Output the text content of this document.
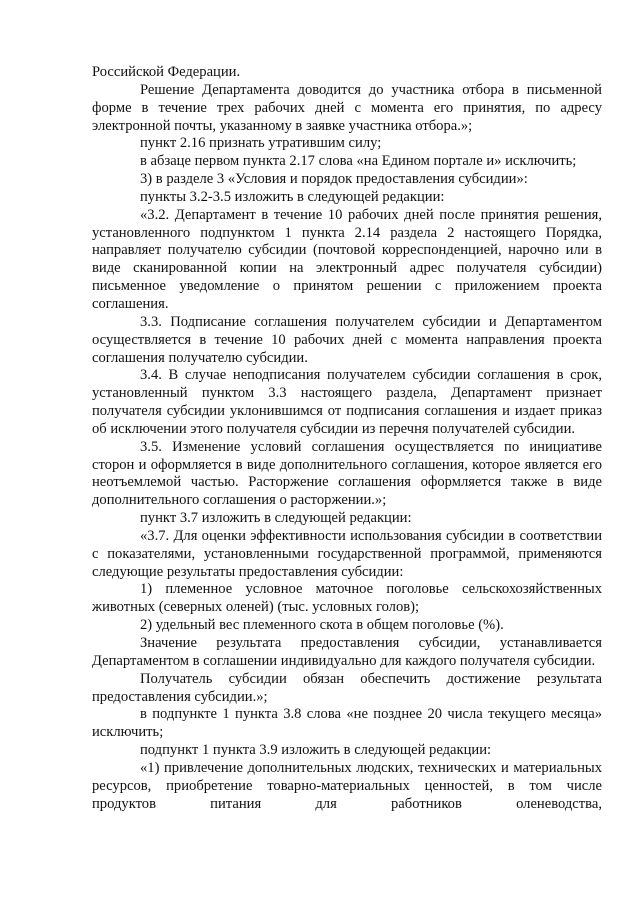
Российской Федерации.

Решение Департамента доводится до участника отбора в письменной форме в течение трех рабочих дней с момента его принятия, по адресу электронной почты, указанному в заявке участника отбора.»;

пункт 2.16 признать утратившим силу;

в абзаце первом пункта 2.17 слова «на Едином портале и» исключить;

3) в разделе 3 «Условия и порядок предоставления субсидии»:

пункты 3.2-3.5 изложить в следующей редакции:

«3.2. Департамент в течение 10 рабочих дней после принятия решения, установленного подпунктом 1 пункта 2.14 раздела 2 настоящего Порядка, направляет получателю субсидии (почтовой корреспонденцией, нарочно или в виде сканированной копии на электронный адрес получателя субсидии) письменное уведомление о принятом решении с приложением проекта соглашения.

3.3. Подписание соглашения получателем субсидии и Департаментом осуществляется в течение 10 рабочих дней с момента направления проекта соглашения получателю субсидии.

3.4. В случае неподписания получателем субсидии соглашения в срок, установленный пунктом 3.3 настоящего раздела, Департамент признает получателя субсидии уклонившимся от подписания соглашения и издает приказ об исключении этого получателя субсидии из перечня получателей субсидии.

3.5. Изменение условий соглашения осуществляется по инициативе сторон и оформляется в виде дополнительного соглашения, которое является его неотъемлемой частью. Расторжение соглашения оформляется также в виде дополнительного соглашения о расторжении.»;

пункт 3.7 изложить в следующей редакции:

«3.7. Для оценки эффективности использования субсидии в соответствии с показателями, установленными государственной программой, применяются следующие результаты предоставления субсидии:

1) племенное условное маточное поголовье сельскохозяйственных животных (северных оленей) (тыс. условных голов);

2) удельный вес племенного скота в общем поголовье (%).

Значение результата предоставления субсидии, устанавливается Департаментом в соглашении индивидуально для каждого получателя субсидии.

Получатель субсидии обязан обеспечить достижение результата предоставления субсидии.»;

в подпункте 1 пункта 3.8 слова «не позднее 20 числа текущего месяца» исключить;

подпункт 1 пункта 3.9 изложить в следующей редакции:

«1) привлечение дополнительных людских, технических и материальных ресурсов, приобретение товарно-материальных ценностей, в том числе продуктов питания для работников оленеводства,
